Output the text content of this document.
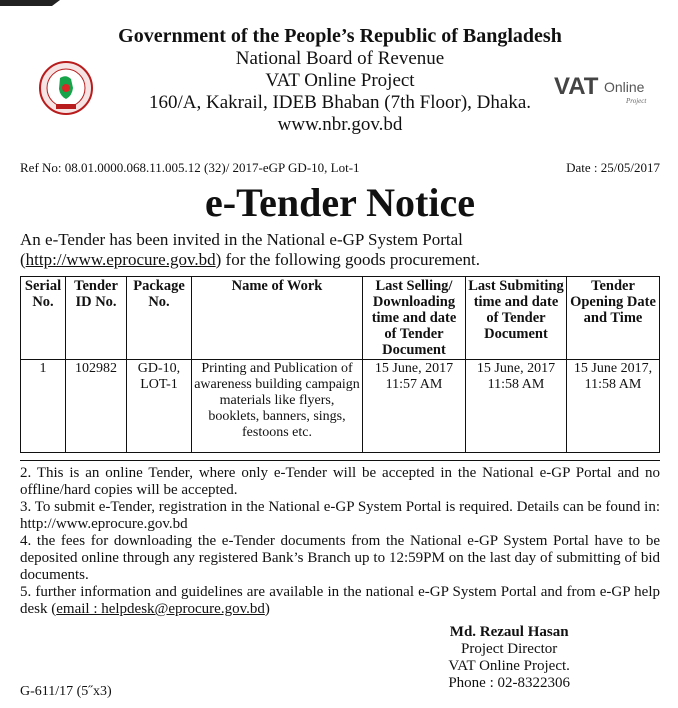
Government of the People’s Republic of Bangladesh
National Board of Revenue
VAT Online Project
160/A, Kakrail, IDEB Bhaban (7th Floor), Dhaka.
www.nbr.gov.bd
VAT Online
Project
Ref No: 08.01.0000.068.11.005.12 (32)/ 2017-eGP GD-10, Lot-1	Date : 25/05/2017
e-Tender Notice
An e-Tender has been invited in the National e-GP System Portal (http://www.eprocure.gov.bd) for the following goods procurement.
Serial No.	Tender ID No.	Package No.	Name of Work	Last Selling/ Downloading time and date of Tender Document	Last Submiting time and date of Tender Document	Tender Opening Date and Time
1	102982	GD-10, LOT-1	Printing and Publication of awareness building campaign materials like flyers, booklets, banners, sings, festoons etc.	15 June, 2017 11:57 AM	15 June, 2017 11:58 AM	15 June 2017, 11:58 AM
2. This is an online Tender, where only e-Tender will be accepted in the National e-GP Portal and no offline/hard copies will be accepted.
3. To submit e-Tender, registration in the National e-GP System Portal is required. Details can be found in: http://www.eprocure.gov.bd
4. the fees for downloading the e-Tender documents from the National e-GP System Portal have to be deposited online through any registered Bank’s Branch up to 12:59PM on the last day of submitting of bid documents.
5. further information and guidelines are available in the national e-GP System Portal and from e-GP help desk (email : helpdesk@eprocure.gov.bd)
Md. Rezaul Hasan
Project Director
VAT Online Project.
Phone : 02-8322306
G-611/17 (5˝x3)
